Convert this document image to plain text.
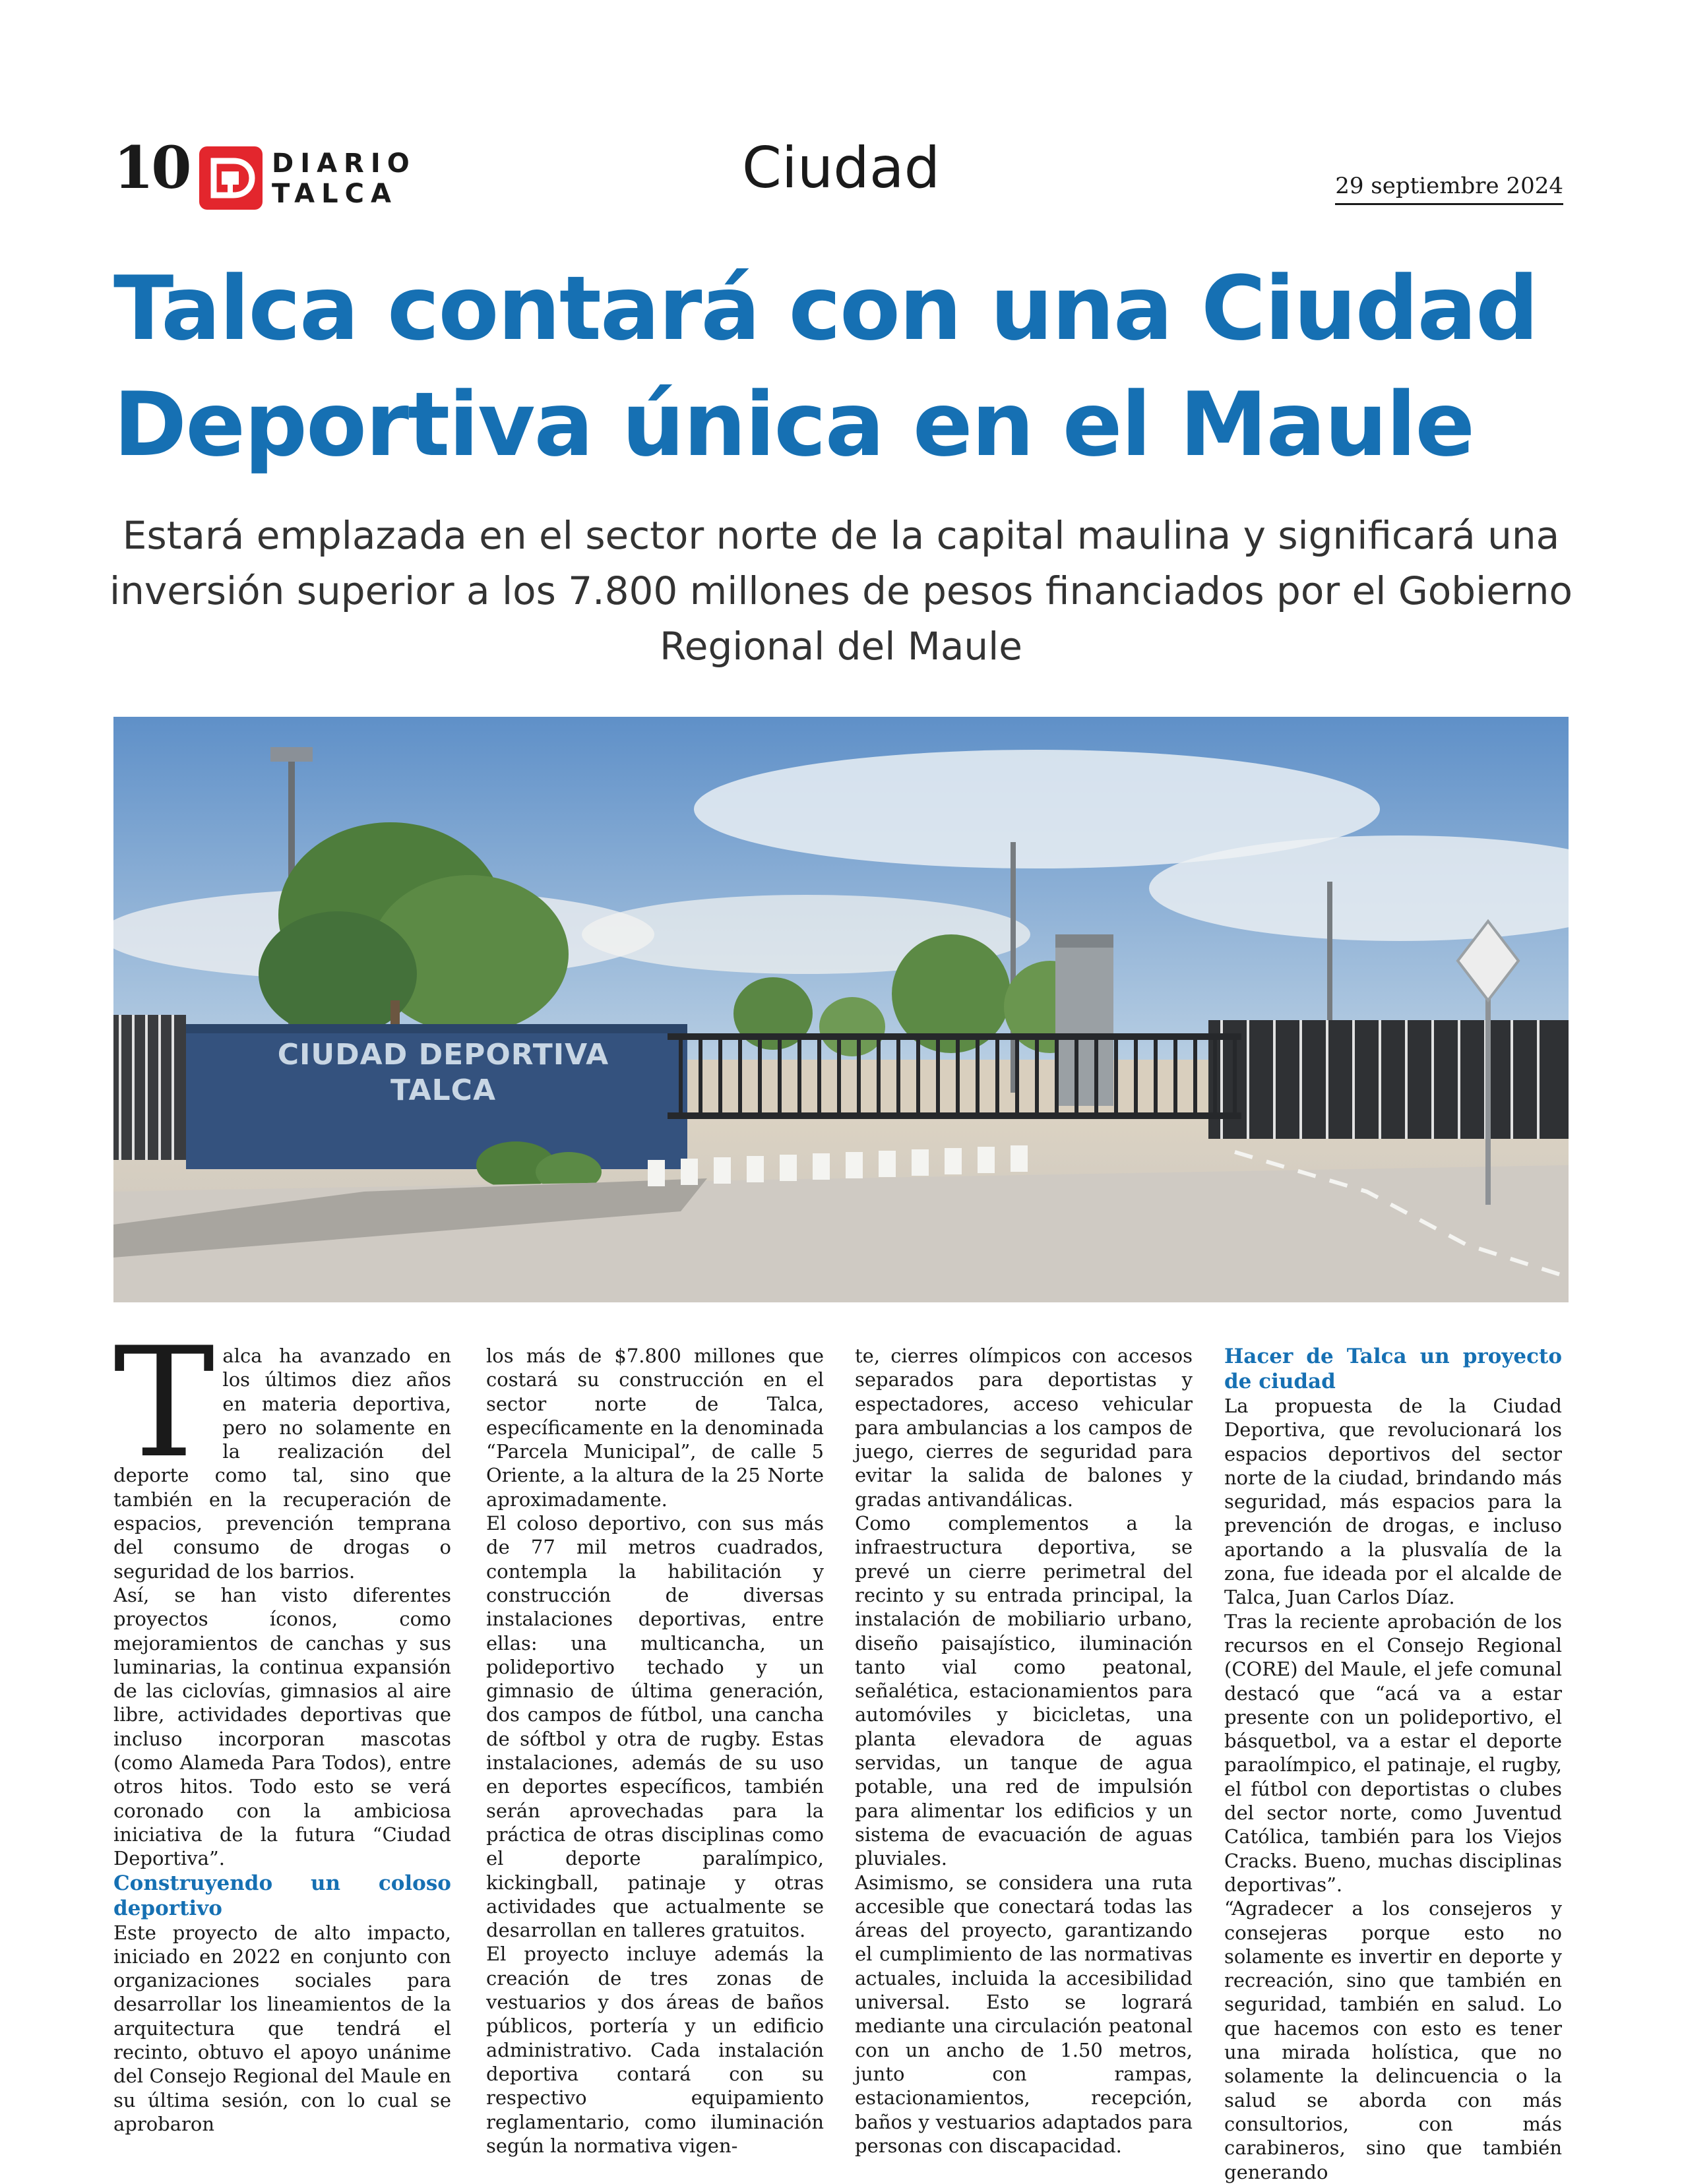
10	DIARIO
TALCA	Ciudad	29 septiembre 2024
Talca contará con una Ciudad Deportiva única en el Maule

Estará emplazada en el sector norte de la capital maulina y significará una inversión superior a los 7.800 millones de pesos financiados por el Gobierno Regional del Maule

CIUDAD DEPORTIVA
TALCA
T alca ha avanzado en los últimos diez años en materia deportiva, pero no solamente en la realización del deporte como tal, sino que también en la recuperación de espacios, prevención temprana del consumo de drogas o seguridad de los barrios.

Así, se han visto diferentes proyectos íconos, como mejoramientos de canchas y sus luminarias, la continua expansión de las ciclovías, gimnasios al aire libre, actividades deportivas que incluso incorporan mascotas (como Alameda Para Todos), entre otros hitos. Todo esto se verá coronado con la ambiciosa iniciativa de la futura “Ciudad Deportiva”.

Construyendo un coloso deportivo

Este proyecto de alto impacto, iniciado en 2022 en conjunto con organizaciones sociales para desarrollar los lineamientos de la arquitectura que tendrá el recinto, obtuvo el apoyo unánime del Consejo Regional del Maule en su última sesión, con lo cual se aprobaron

los más de $7.800 millones que costará su construcción en el sector norte de Talca, específicamente en la denominada “Parcela Municipal”, de calle 5 Oriente, a la altura de la 25 Norte aproximadamente.

El coloso deportivo, con sus más de 77 mil metros cuadrados, contempla la habilitación y construcción de diversas instalaciones deportivas, entre ellas: una multicancha, un polideportivo techado y un gimnasio de última generación, dos campos de fútbol, una cancha de sóftbol y otra de rugby. Estas instalaciones, además de su uso en deportes específicos, también serán aprovechadas para la práctica de otras disciplinas como el deporte paralímpico, kickingball, patinaje y otras actividades que actualmente se desarrollan en talleres gratuitos.

El proyecto incluye además la creación de tres zonas de vestuarios y dos áreas de baños públicos, portería y un edificio administrativo. Cada instalación deportiva contará con su respectivo equipamiento reglamentario, como iluminación según la normativa vigen-

te, cierres olímpicos con accesos separados para deportistas y espectadores, acceso vehicular para ambulancias a los campos de juego, cierres de seguridad para evitar la salida de balones y gradas antivandálicas.

Como complementos a la infraestructura deportiva, se prevé un cierre perimetral del recinto y su entrada principal, la instalación de mobiliario urbano, diseño paisajístico, iluminación tanto vial como peatonal, señalética, estacionamientos para automóviles y bicicletas, una planta elevadora de aguas servidas, un tanque de agua potable, una red de impulsión para alimentar los edificios y un sistema de evacuación de aguas pluviales.

Asimismo, se considera una ruta accesible que conectará todas las áreas del proyecto, garantizando el cumplimiento de las normativas actuales, incluida la accesibilidad universal. Esto se logrará mediante una circulación peatonal con un ancho de 1.50 metros, junto con rampas, estacionamientos, recepción, baños y vestuarios adaptados para personas con discapacidad.

Hacer de Talca un proyecto de ciudad

La propuesta de la Ciudad Deportiva, que revolucionará los espacios deportivos del sector norte de la ciudad, brindando más seguridad, más espacios para la prevención de drogas, e incluso aportando a la plusvalía de la zona, fue ideada por el alcalde de Talca, Juan Carlos Díaz.

Tras la reciente aprobación de los recursos en el Consejo Regional (CORE) del Maule, el jefe comunal destacó que “acá va a estar presente con un polideportivo, el básquetbol, va a estar el deporte paraolímpico, el patinaje, el rugby, el fútbol con deportistas o clubes del sector norte, como Juventud Católica, también para los Viejos Cracks. Bueno, muchas disciplinas deportivas”.

“Agradecer a los consejeros y consejeras porque esto no solamente es invertir en deporte y recreación, sino que también en seguridad, también en salud. Lo que hacemos con esto es tener una mirada holística, que no solamente la delincuencia o la salud se aborda con más consultorios, con más carabineros, sino que también generando
